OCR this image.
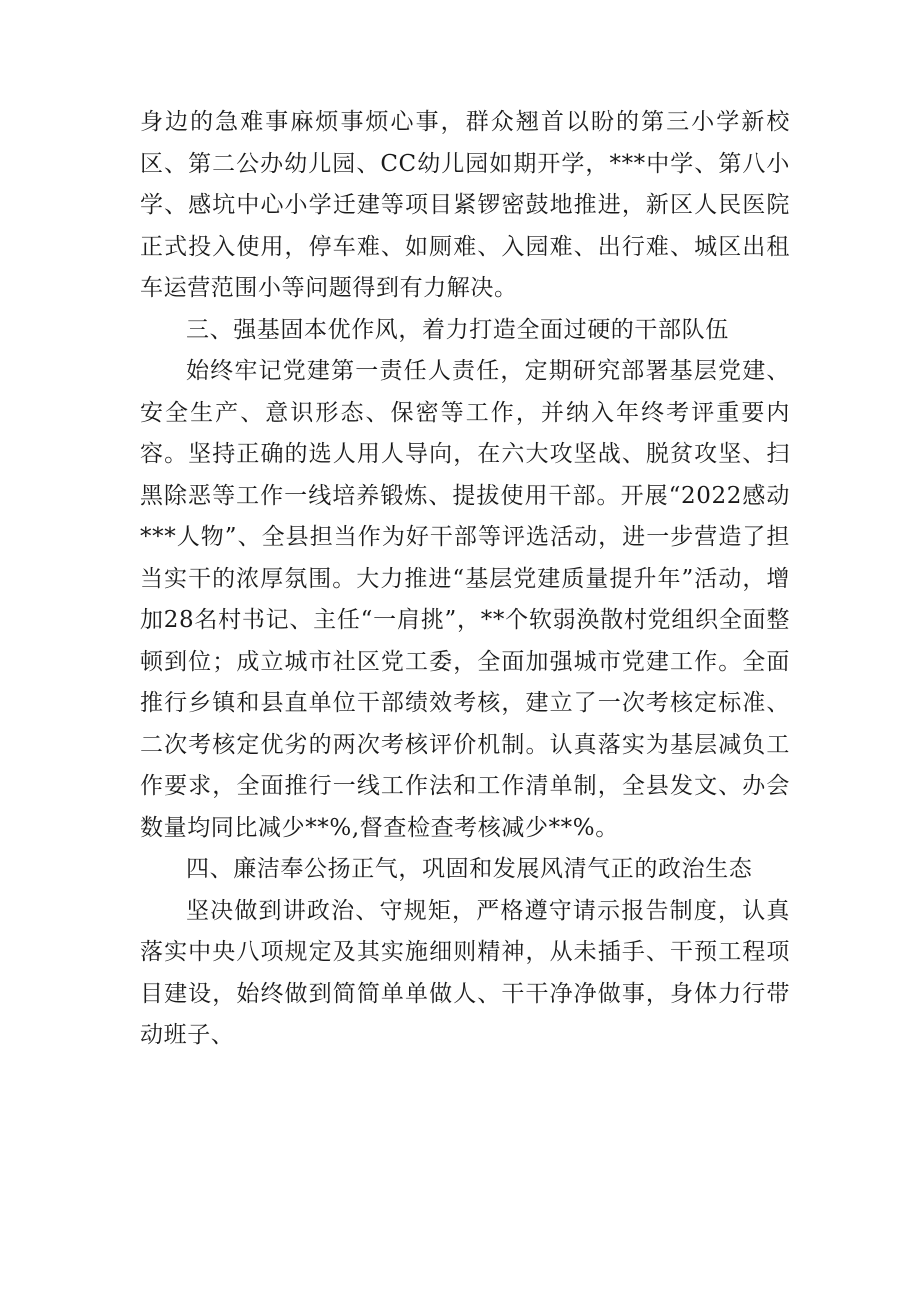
身边的急难事麻烦事烦心事，群众翘首以盼的第三小学新校区、第二公办幼儿园、CC幼儿园如期开学，***中学、第八小学、感坑中心小学迁建等项目紧锣密鼓地推进，新区人民医院正式投入使用，停车难、如厕难、入园难、出行难、城区出租车运营范围小等问题得到有力解决。

三、强基固本优作风，着力打造全面过硬的干部队伍

始终牢记党建第一责任人责任，定期研究部署基层党建、安全生产、意识形态、保密等工作，并纳入年终考评重要内容。坚持正确的选人用人导向，在六大攻坚战、脱贫攻坚、扫黑除恶等工作一线培养锻炼、提拔使用干部。开展“2022感动***人物”、全县担当作为好干部等评选活动，进一步营造了担当实干的浓厚氛围。大力推进“基层党建质量提升年”活动，增加28名村书记、主任“一肩挑”，**个软弱涣散村党组织全面整顿到位；成立城市社区党工委，全面加强城市党建工作。全面推行乡镇和县直单位干部绩效考核，建立了一次考核定标准、二次考核定优劣的两次考核评价机制。认真落实为基层减负工作要求，全面推行一线工作法和工作清单制，全县发文、办会数量均同比减少**%,督查检查考核减少**%。

四、廉洁奉公扬正气，巩固和发展风清气正的政治生态

坚决做到讲政治、守规矩，严格遵守请示报告制度，认真落实中央八项规定及其实施细则精神，从未插手、干预工程项目建设，始终做到简简单单做人、干干净净做事，身体力行带动班子、
